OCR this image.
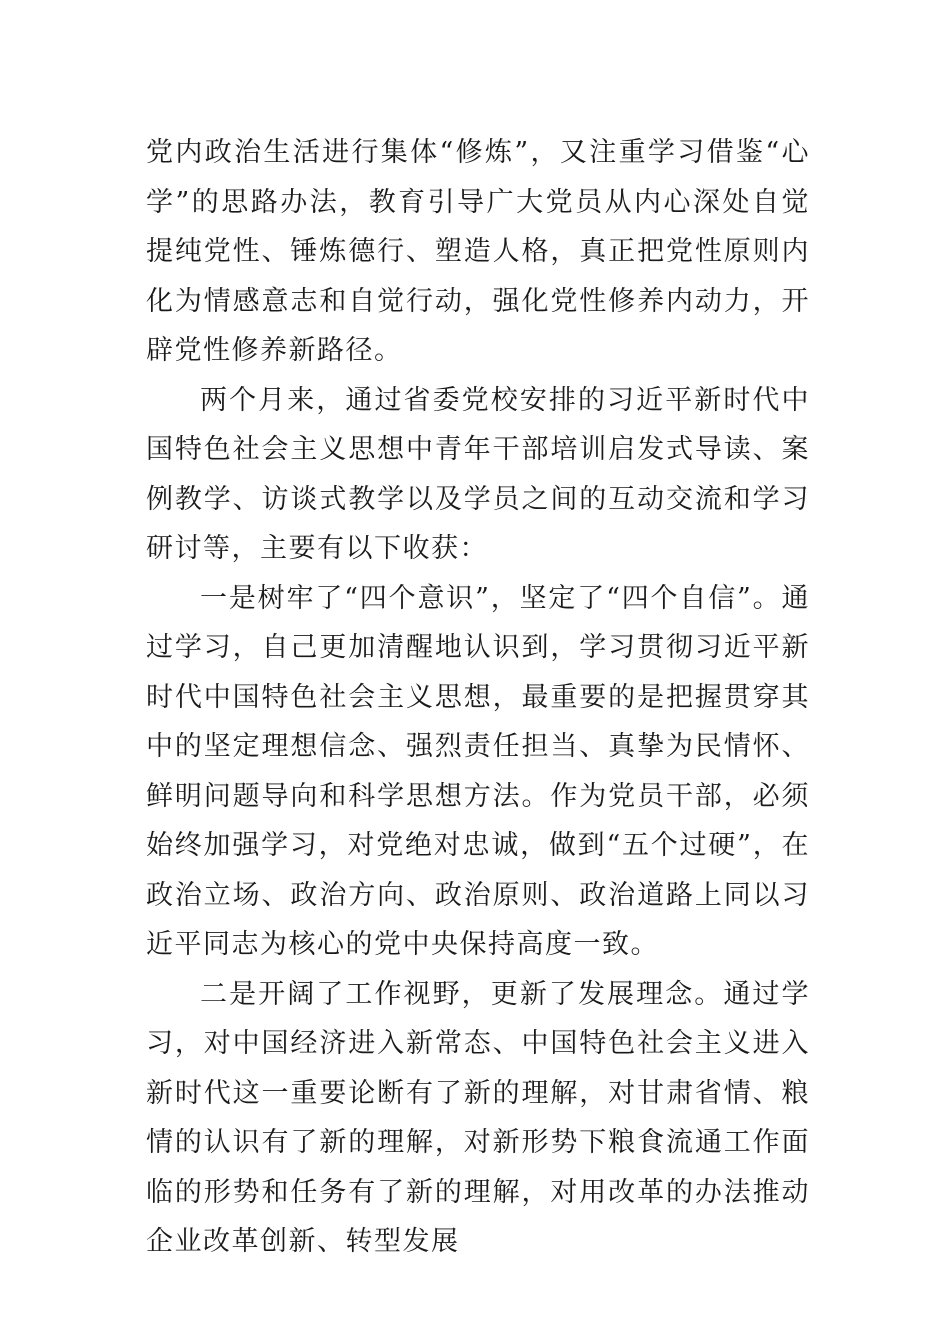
党内政治生活进行集体“修炼”，又注重学习借鉴“心学”的思路办法，教育引导广大党员从内心深处自觉提纯党性、锤炼德行、塑造人格，真正把党性原则内化为情感意志和自觉行动，强化党性修养内动力，开辟党性修养新路径。

两个月来，通过省委党校安排的习近平新时代中国特色社会主义思想中青年干部培训启发式导读、案例教学、访谈式教学以及学员之间的互动交流和学习研讨等，主要有以下收获：

一是树牢了“四个意识”，坚定了“四个自信”。通过学习，自己更加清醒地认识到，学习贯彻习近平新时代中国特色社会主义思想，最重要的是把握贯穿其中的坚定理想信念、强烈责任担当、真挚为民情怀、鲜明问题导向和科学思想方法。作为党员干部，必须始终加强学习，对党绝对忠诚，做到“五个过硬”，在政治立场、政治方向、政治原则、政治道路上同以习近平同志为核心的党中央保持高度一致。

二是开阔了工作视野，更新了发展理念。通过学习，对中国经济进入新常态、中国特色社会主义进入新时代这一重要论断有了新的理解，对甘肃省情、粮情的认识有了新的理解，对新形势下粮食流通工作面临的形势和任务有了新的理解，对用改革的办法推动企业改革创新、转型发展
